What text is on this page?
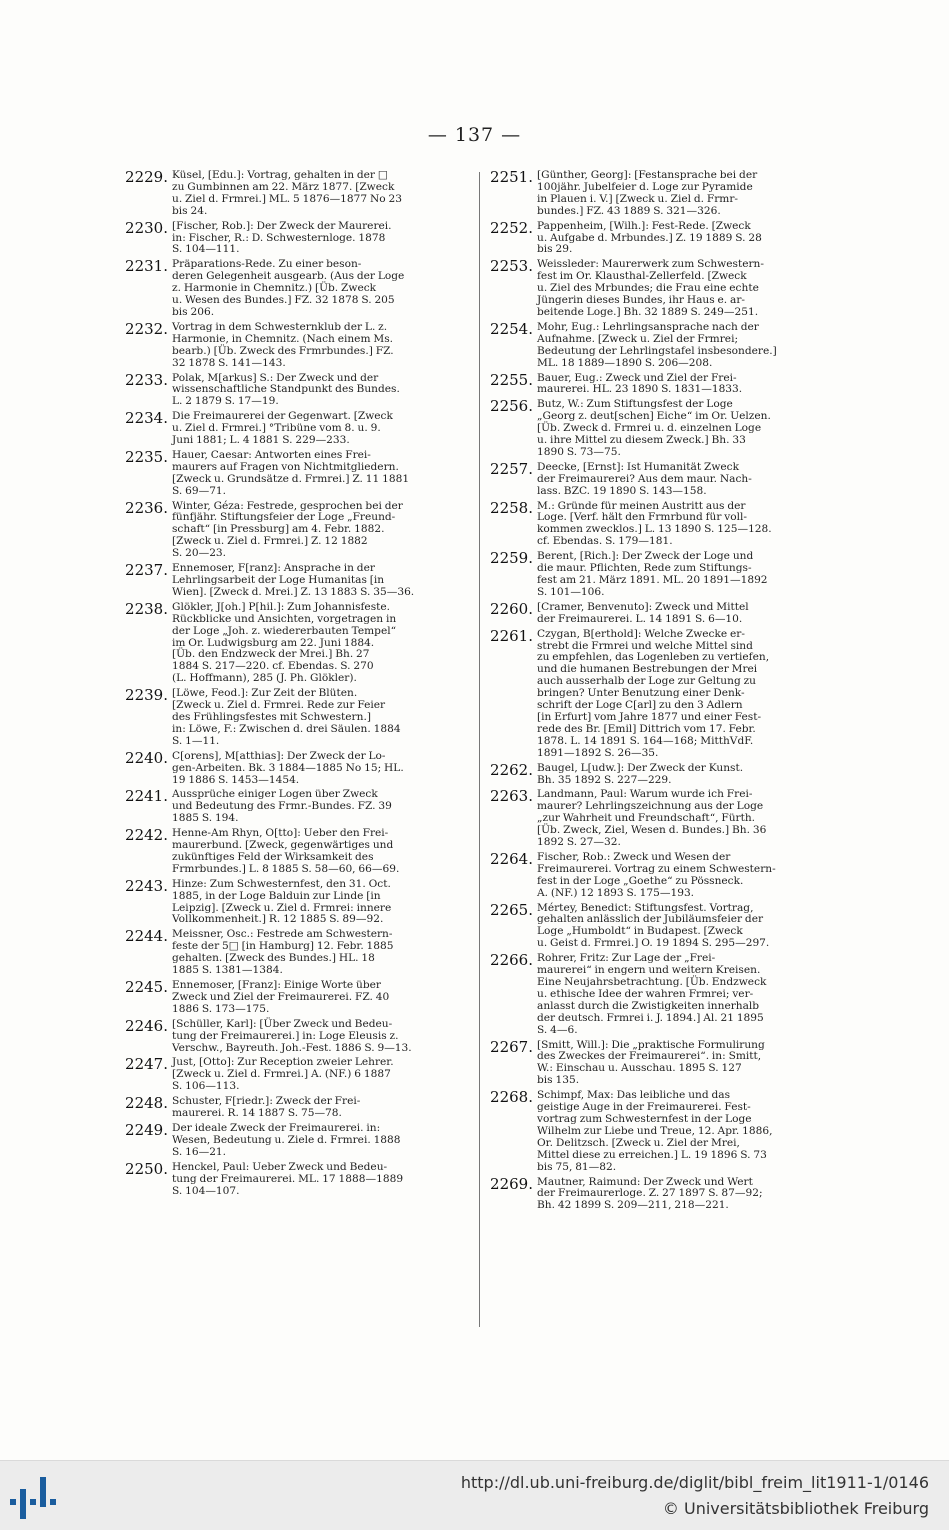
— 137 —
2229. Küsel, [Edu.]: Vortrag, gehalten in der □
zu Gumbinnen am 22. März 1877. [Zweck
u. Ziel d. Frmrei.] ML. 5 1876—1877 No 23
bis 24.
2230. [Fischer, Rob.]: Der Zweck der Maurerei.
in: Fischer, R.: D. Schwesternloge. 1878
S. 104—111.
2231. Präparations-Rede. Zu einer beson-
deren Gelegenheit ausgearb. (Aus der Loge
z. Harmonie in Chemnitz.) [Üb. Zweck
u. Wesen des Bundes.] FZ. 32 1878 S. 205
bis 206.
2232. Vortrag in dem Schwesternklub der L. z.
Harmonie, in Chemnitz. (Nach einem Ms.
bearb.) [Üb. Zweck des Frmrbundes.] FZ.
32 1878 S. 141—143.
2233. Polak, M[arkus] S.: Der Zweck und der
wissenschaftliche Standpunkt des Bundes.
L. 2 1879 S. 17—19.
2234. Die Freimaurerei der Gegenwart. [Zweck
u. Ziel d. Frmrei.] °Tribüne vom 8. u. 9.
Juni 1881; L. 4 1881 S. 229—233.
2235. Hauer, Caesar: Antworten eines Frei-
maurers auf Fragen von Nichtmitgliedern.
[Zweck u. Grundsätze d. Frmrei.] Z. 11 1881
S. 69—71.
2236. Winter, Géza: Festrede, gesprochen bei der
fünfjähr. Stiftungsfeier der Loge „Freund-
schaft“ [in Pressburg] am 4. Febr. 1882.
[Zweck u. Ziel d. Frmrei.] Z. 12 1882
S. 20—23.
2237. Ennemoser, F[ranz]: Ansprache in der
Lehrlingsarbeit der Loge Humanitas [in
Wien]. [Zweck d. Mrei.] Z. 13 1883 S. 35—36.
2238. Glökler, J[oh.] P[hil.]: Zum Johannisfeste.
Rückblicke und Ansichten, vorgetragen in
der Loge „Joh. z. wiedererbauten Tempel“
im Or. Ludwigsburg am 22. Juni 1884.
[Üb. den Endzweck der Mrei.] Bh. 27
1884 S. 217—220. cf. Ebendas. S. 270
(L. Hoffmann), 285 (J. Ph. Glökler).
2239. [Löwe, Feod.]: Zur Zeit der Blüten.
[Zweck u. Ziel d. Frmrei. Rede zur Feier
des Frühlingsfestes mit Schwestern.]
in: Löwe, F.: Zwischen d. drei Säulen. 1884
S. 1—11.
2240. C[orens], M[atthias]: Der Zweck der Lo-
gen-Arbeiten. Bk. 3 1884—1885 No 15; HL.
19 1886 S. 1453—1454.
2241. Aussprüche einiger Logen über Zweck
und Bedeutung des Frmr.-Bundes. FZ. 39
1885 S. 194.
2242. Henne-Am Rhyn, O[tto]: Ueber den Frei-
maurerbund. [Zweck, gegenwärtiges und
zukünftiges Feld der Wirksamkeit des
Frmrbundes.] L. 8 1885 S. 58—60, 66—69.
2243. Hinze: Zum Schwesternfest, den 31. Oct.
1885, in der Loge Balduin zur Linde [in
Leipzig]. [Zweck u. Ziel d. Frmrei: innere
Vollkommenheit.] R. 12 1885 S. 89—92.
2244. Meissner, Osc.: Festrede am Schwestern-
feste der 5□ [in Hamburg] 12. Febr. 1885
gehalten. [Zweck des Bundes.] HL. 18
1885 S. 1381—1384.
2245. Ennemoser, [Franz]: Einige Worte über
Zweck und Ziel der Freimaurerei. FZ. 40
1886 S. 173—175.
2246. [Schüller, Karl]: [Über Zweck und Bedeu-
tung der Freimaurerei.] in: Loge Eleusis z.
Verschw., Bayreuth. Joh.-Fest. 1886 S. 9—13.
2247. Just, [Otto]: Zur Reception zweier Lehrer.
[Zweck u. Ziel d. Frmrei.] A. (NF.) 6 1887
S. 106—113.
2248. Schuster, F[riedr.]: Zweck der Frei-
maurerei. R. 14 1887 S. 75—78.
2249. Der ideale Zweck der Freimaurerei. in:
Wesen, Bedeutung u. Ziele d. Frmrei. 1888
S. 16—21.
2250. Henckel, Paul: Ueber Zweck und Bedeu-
tung der Freimaurerei. ML. 17 1888—1889
S. 104—107.
2251. [Günther, Georg]: [Festansprache bei der
100jähr. Jubelfeier d. Loge zur Pyramide
in Plauen i. V.] [Zweck u. Ziel d. Frmr-
bundes.] FZ. 43 1889 S. 321—326.
2252. Pappenheim, [Wilh.]: Fest-Rede. [Zweck
u. Aufgabe d. Mrbundes.] Z. 19 1889 S. 28
bis 29.
2253. Weissleder: Maurerwerk zum Schwestern-
fest im Or. Klausthal-Zellerfeld. [Zweck
u. Ziel des Mrbundes; die Frau eine echte
Jüngerin dieses Bundes, ihr Haus e. ar-
beitende Loge.] Bh. 32 1889 S. 249—251.
2254. Mohr, Eug.: Lehrlingsansprache nach der
Aufnahme. [Zweck u. Ziel der Frmrei;
Bedeutung der Lehrlingstafel insbesondere.]
ML. 18 1889—1890 S. 206—208.
2255. Bauer, Eug.: Zweck und Ziel der Frei-
maurerei. HL. 23 1890 S. 1831—1833.
2256. Butz, W.: Zum Stiftungsfest der Loge
„Georg z. deut[schen] Eiche“ im Or. Uelzen.
[Üb. Zweck d. Frmrei u. d. einzelnen Loge
u. ihre Mittel zu diesem Zweck.] Bh. 33
1890 S. 73—75.
2257. Deecke, [Ernst]: Ist Humanität Zweck
der Freimaurerei? Aus dem maur. Nach-
lass. BZC. 19 1890 S. 143—158.
2258. M.: Gründe für meinen Austritt aus der
Loge. [Verf. hält den Frmrbund für voll-
kommen zwecklos.] L. 13 1890 S. 125—128.
cf. Ebendas. S. 179—181.
2259. Berent, [Rich.]: Der Zweck der Loge und
die maur. Pflichten, Rede zum Stiftungs-
fest am 21. März 1891. ML. 20 1891—1892
S. 101—106.
2260. [Cramer, Benvenuto]: Zweck und Mittel
der Freimaurerei. L. 14 1891 S. 6—10.
2261. Czygan, B[erthold]: Welche Zwecke er-
strebt die Frmrei und welche Mittel sind
zu empfehlen, das Logenleben zu vertiefen,
und die humanen Bestrebungen der Mrei
auch ausserhalb der Loge zur Geltung zu
bringen? Unter Benutzung einer Denk-
schrift der Loge C[arl] zu den 3 Adlern
[in Erfurt] vom Jahre 1877 und einer Fest-
rede des Br. [Emil] Dittrich vom 17. Febr.
1878. L. 14 1891 S. 164—168; MitthVdF.
1891—1892 S. 26—35.
2262. Baugel, L[udw.]: Der Zweck der Kunst.
Bh. 35 1892 S. 227—229.
2263. Landmann, Paul: Warum wurde ich Frei-
maurer? Lehrlingszeichnung aus der Loge
„zur Wahrheit und Freundschaft“, Fürth.
[Üb. Zweck, Ziel, Wesen d. Bundes.] Bh. 36
1892 S. 27—32.
2264. Fischer, Rob.: Zweck und Wesen der
Freimaurerei. Vortrag zu einem Schwestern-
fest in der Loge „Goethe“ zu Pössneck.
A. (NF.) 12 1893 S. 175—193.
2265. Mértey, Benedict: Stiftungsfest. Vortrag,
gehalten anlässlich der Jubiläumsfeier der
Loge „Humboldt“ in Budapest. [Zweck
u. Geist d. Frmrei.] O. 19 1894 S. 295—297.
2266. Rohrer, Fritz: Zur Lage der „Frei-
maurerei“ in engern und weitern Kreisen.
Eine Neujahrsbetrachtung. [Üb. Endzweck
u. ethische Idee der wahren Frmrei; ver-
anlasst durch die Zwistigkeiten innerhalb
der deutsch. Frmrei i. J. 1894.] Al. 21 1895
S. 4—6.
2267. [Smitt, Will.]: Die „praktische Formulirung
des Zweckes der Freimaurerei“. in: Smitt,
W.: Einschau u. Ausschau. 1895 S. 127
bis 135.
2268. Schimpf, Max: Das leibliche und das
geistige Auge in der Freimaurerei. Fest-
vortrag zum Schwesternfest in der Loge
Wilhelm zur Liebe und Treue, 12. Apr. 1886,
Or. Delitzsch. [Zweck u. Ziel der Mrei,
Mittel diese zu erreichen.] L. 19 1896 S. 73
bis 75, 81—82.
2269. Mautner, Raimund: Der Zweck und Wert
der Freimaurerloge. Z. 27 1897 S. 87—92;
Bh. 42 1899 S. 209—211, 218—221.
http://dl.ub.uni-freiburg.de/diglit/bibl_freim_lit1911-1/0146
© Universitätsbibliothek Freiburg
